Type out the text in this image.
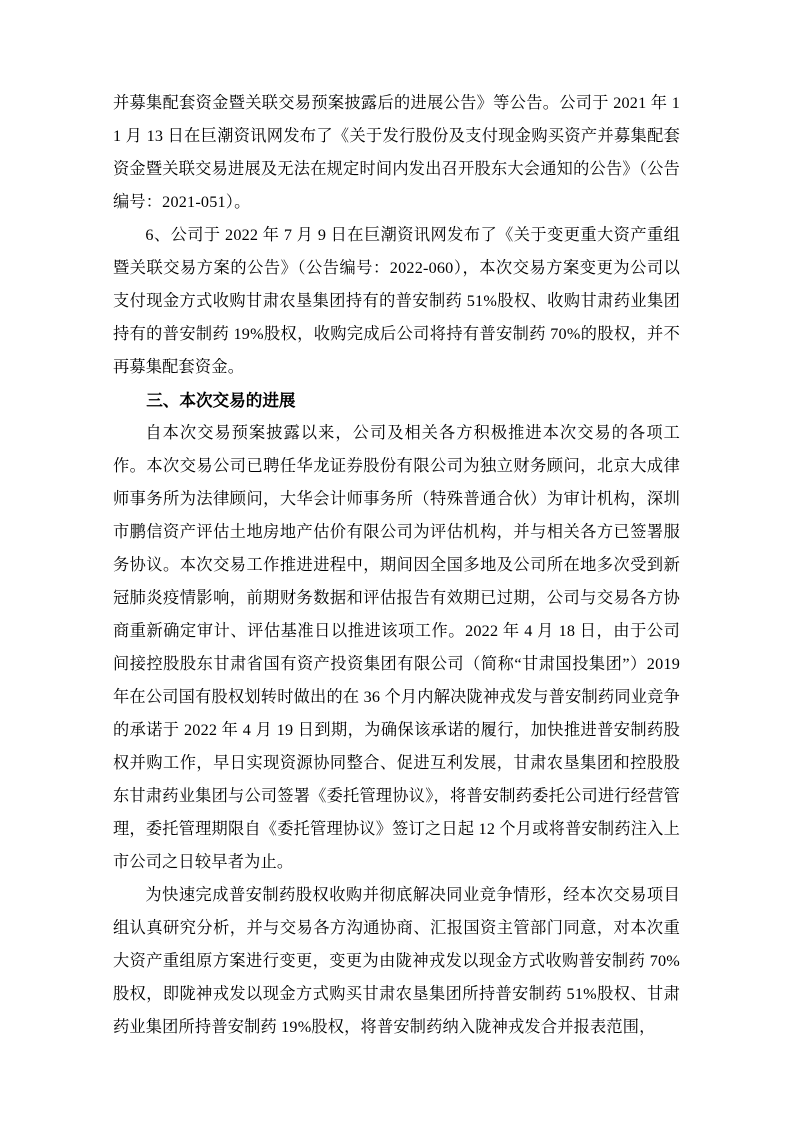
并募集配套资金暨关联交易预案披露后的进展公告》等公告。公司于 2021 年 11 月 13 日在巨潮资讯网发布了《关于发行股份及支付现金购买资产并募集配套资金暨关联交易进展及无法在规定时间内发出召开股东大会通知的公告》（公告编号：2021-051）。

6、公司于 2022 年 7 月 9 日在巨潮资讯网发布了《关于变更重大资产重组暨关联交易方案的公告》（公告编号：2022-060），本次交易方案变更为公司以支付现金方式收购甘肃农垦集团持有的普安制药 51%股权、收购甘肃药业集团持有的普安制药 19%股权，收购完成后公司将持有普安制药 70%的股权，并不再募集配套资金。

三、本次交易的进展

自本次交易预案披露以来，公司及相关各方积极推进本次交易的各项工作。本次交易公司已聘任华龙证券股份有限公司为独立财务顾问，北京大成律师事务所为法律顾问，大华会计师事务所（特殊普通合伙）为审计机构，深圳市鹏信资产评估土地房地产估价有限公司为评估机构，并与相关各方已签署服务协议。本次交易工作推进进程中，期间因全国多地及公司所在地多次受到新冠肺炎疫情影响，前期财务数据和评估报告有效期已过期，公司与交易各方协商重新确定审计、评估基准日以推进该项工作。2022 年 4 月 18 日，由于公司间接控股股东甘肃省国有资产投资集团有限公司（简称“甘肃国投集团”）2019 年在公司国有股权划转时做出的在 36 个月内解决陇神戎发与普安制药同业竞争的承诺于 2022 年 4 月 19 日到期，为确保该承诺的履行，加快推进普安制药股权并购工作，早日实现资源协同整合、促进互利发展，甘肃农垦集团和控股股东甘肃药业集团与公司签署《委托管理协议》，将普安制药委托公司进行经营管理，委托管理期限自《委托管理协议》签订之日起 12 个月或将普安制药注入上市公司之日较早者为止。

为快速完成普安制药股权收购并彻底解决同业竞争情形，经本次交易项目组认真研究分析，并与交易各方沟通协商、汇报国资主管部门同意，对本次重大资产重组原方案进行变更，变更为由陇神戎发以现金方式收购普安制药 70%股权，即陇神戎发以现金方式购买甘肃农垦集团所持普安制药 51%股权、甘肃药业集团所持普安制药 19%股权，将普安制药纳入陇神戎发合并报表范围，
